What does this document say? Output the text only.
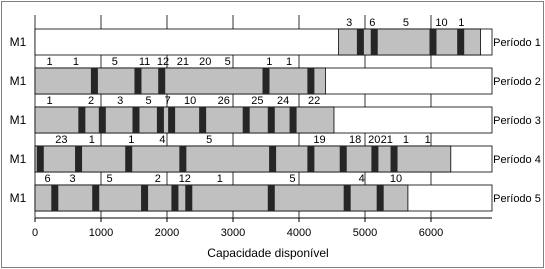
3 6	5 10 1
M1	Período 1
1 1	5 11 12 21 20 5	1 1
M1	Período 2
1	2 3 5 7 10 26 25 24 22
M1	Período 3
23 1	1 4	5	19 18 20 21 1 1
M1	Período 4
6 3	5	2 12 1	5	4 10
M1	Período 5
0	1000	2000	3000	4000	5000	6000
Capacidade disponível
